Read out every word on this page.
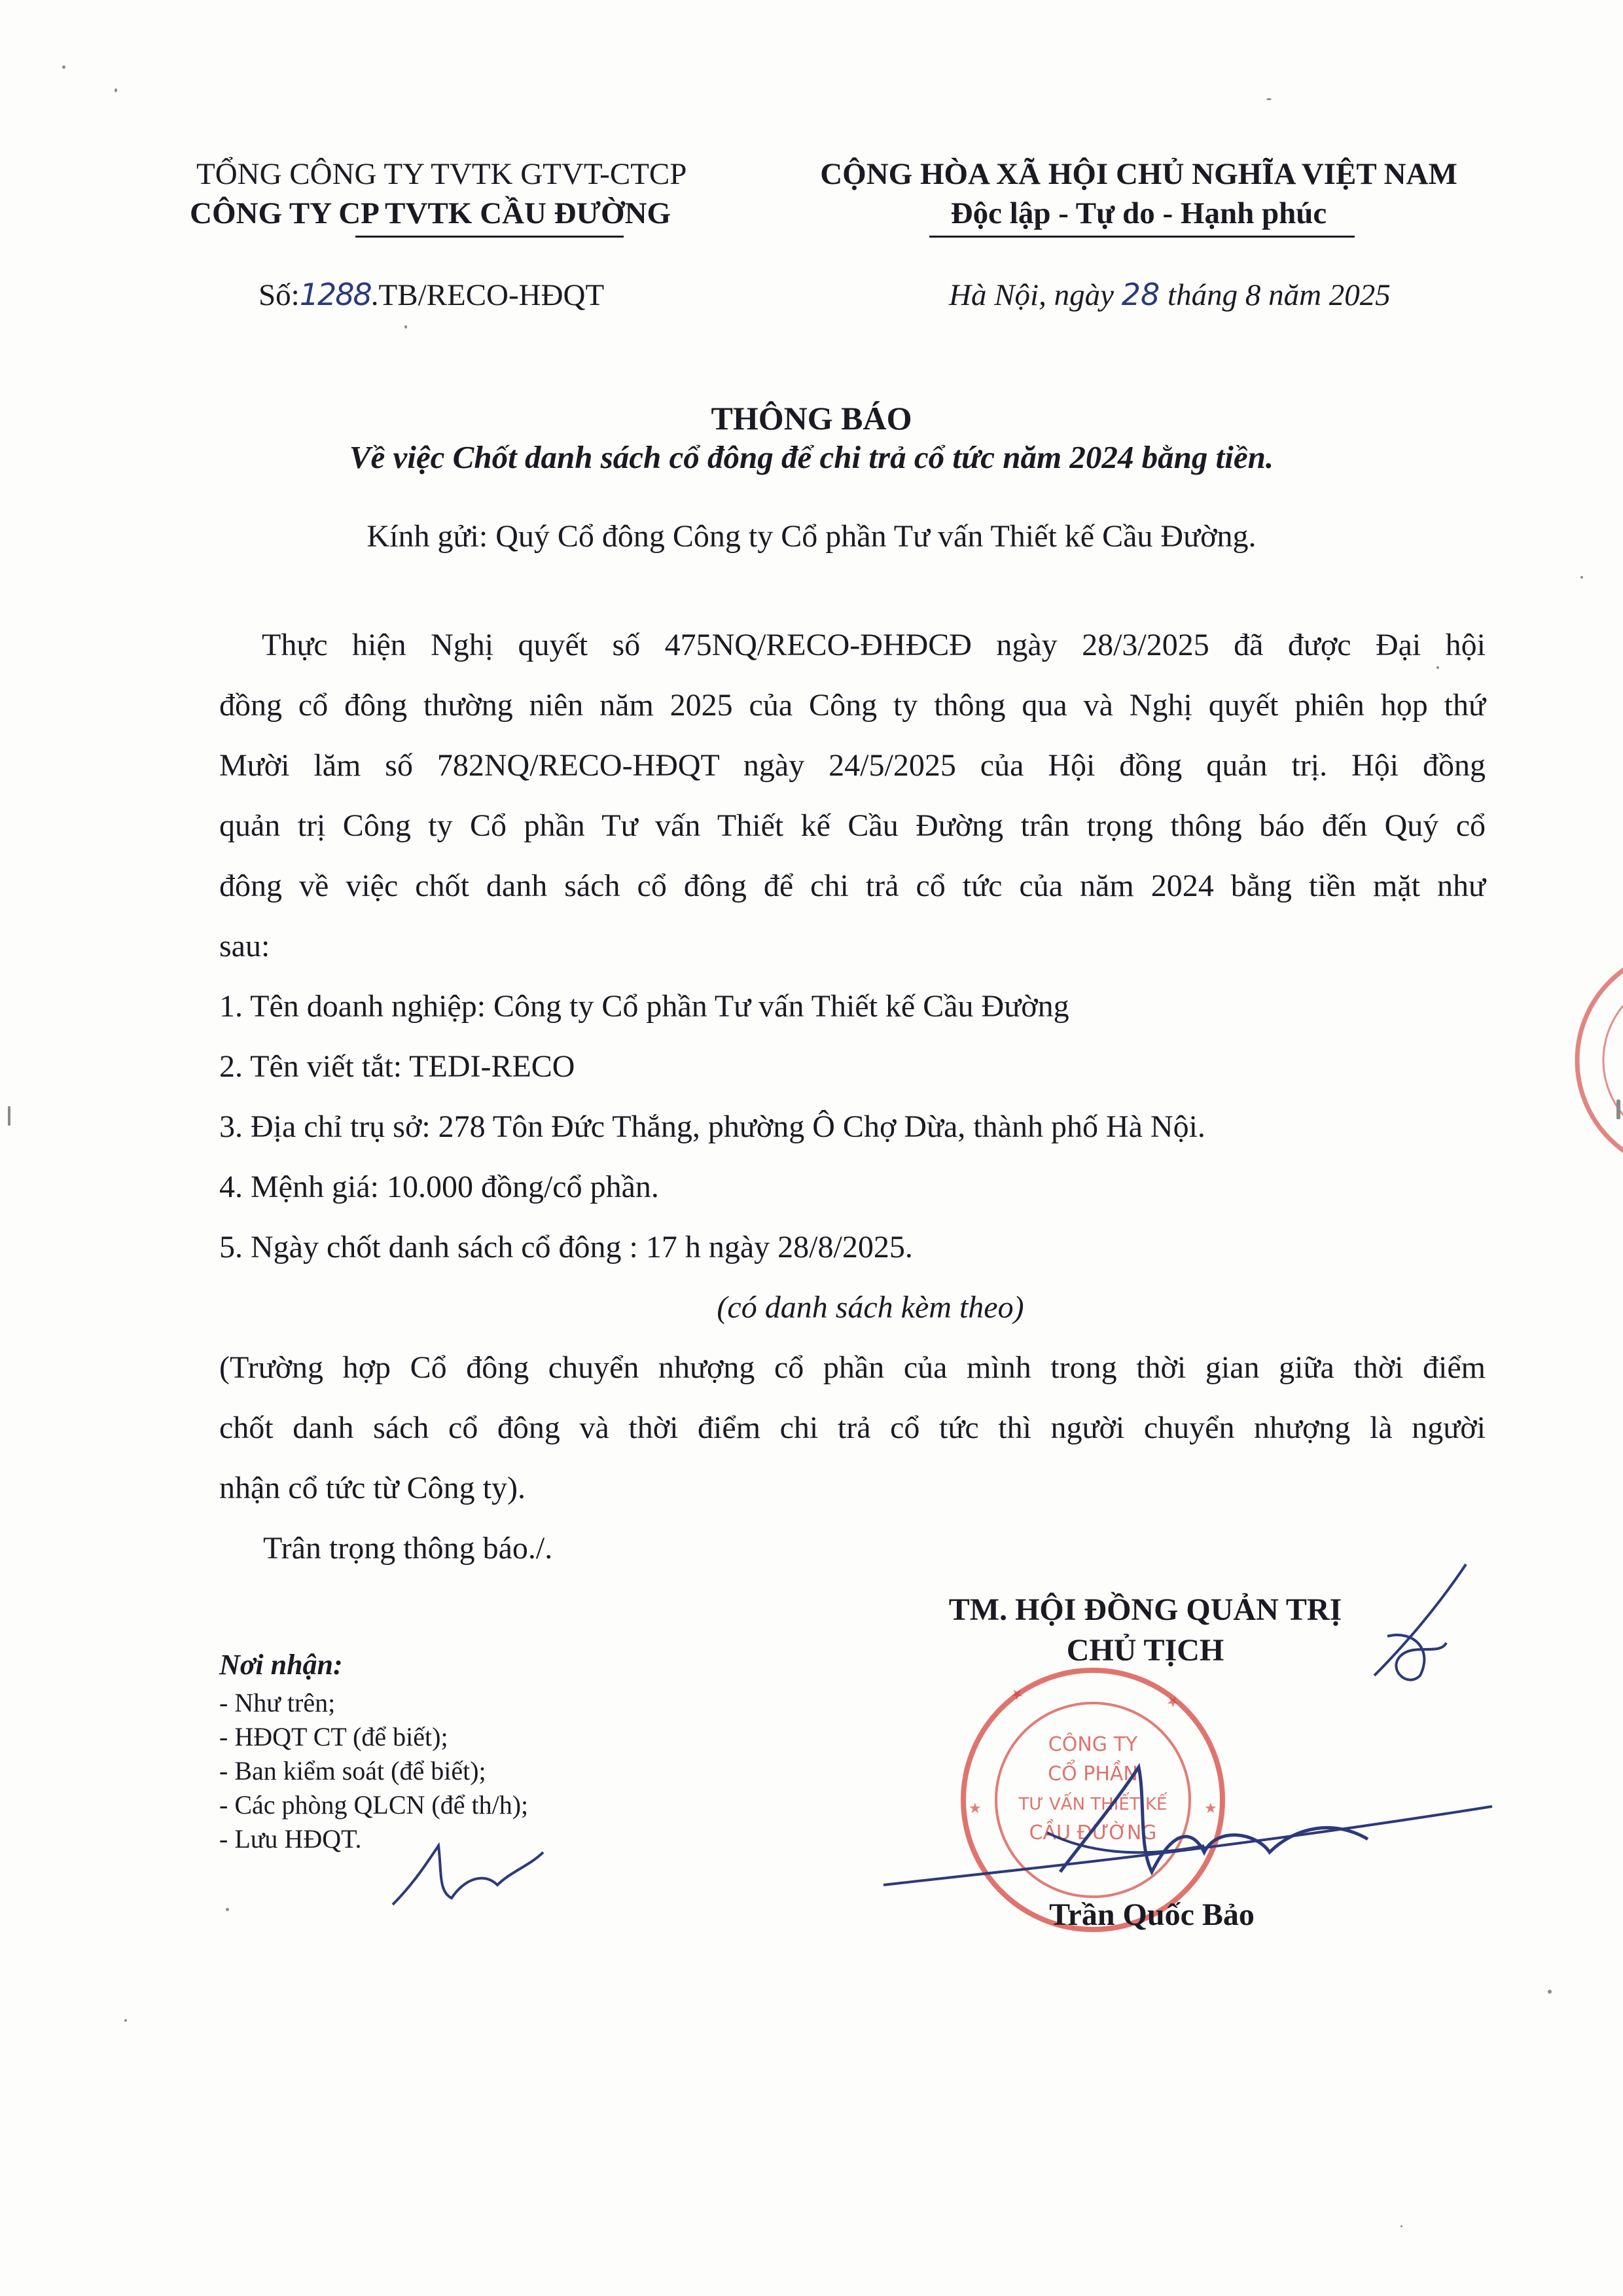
TỔNG CÔNG TY TVTK GTVT-CTCP
CÔNG TY CP TVTK CẦU ĐƯỜNG
CỘNG HÒA XÃ HỘI CHỦ NGHĨA VIỆT NAM
Độc lập - Tự do - Hạnh phúc
Số:1288.TB/RECO-HĐQT	Hà Nội, ngày 28 tháng 8 năm 2025
THÔNG BÁO
Về việc Chốt danh sách cổ đông để chi trả cổ tức năm 2024 bằng tiền.
Kính gửi: Quý Cổ đông Công ty Cổ phần Tư vấn Thiết kế Cầu Đường.
Thực hiện Nghị quyết số 475NQ/RECO-ĐHĐCĐ ngày 28/3/2025 đã được Đại hội
đồng cổ đông thường niên năm 2025 của Công ty thông qua và Nghị quyết phiên họp thứ
Mười lăm số 782NQ/RECO-HĐQT ngày 24/5/2025 của Hội đồng quản trị. Hội đồng
quản trị Công ty Cổ phần Tư vấn Thiết kế Cầu Đường trân trọng thông báo đến Quý cổ
đông về việc chốt danh sách cổ đông để chi trả cổ tức của năm 2024 bằng tiền mặt như
sau:
1. Tên doanh nghiệp: Công ty Cổ phần Tư vấn Thiết kế Cầu Đường
2. Tên viết tắt: TEDI-RECO
3. Địa chỉ trụ sở: 278 Tôn Đức Thắng, phường Ô Chợ Dừa, thành phố Hà Nội.
4. Mệnh giá: 10.000 đồng/cổ phần.
5. Ngày chốt danh sách cổ đông : 17 h ngày 28/8/2025.
(có danh sách kèm theo)
(Trường hợp Cổ đông chuyển nhượng cổ phần của mình trong thời gian giữa thời điểm
chốt danh sách cổ đông và thời điểm chi trả cổ tức thì người chuyển nhượng là người
nhận cổ tức từ Công ty).
Trân trọng thông báo./.
TM. HỘI ĐỒNG QUẢN TRỊ
CHỦ TỊCH
★	★
★	★
CÔNG TY
CỔ PHẦN
TƯ VẤN THIẾT KẾ
CẦU ĐƯỜNG
Trần Quốc Bảo
Nơi nhận:
- Như trên;
- HĐQT CT (để biết);
- Ban kiểm soát (để biết);
- Các phòng QLCN (để th/h);
- Lưu HĐQT.
